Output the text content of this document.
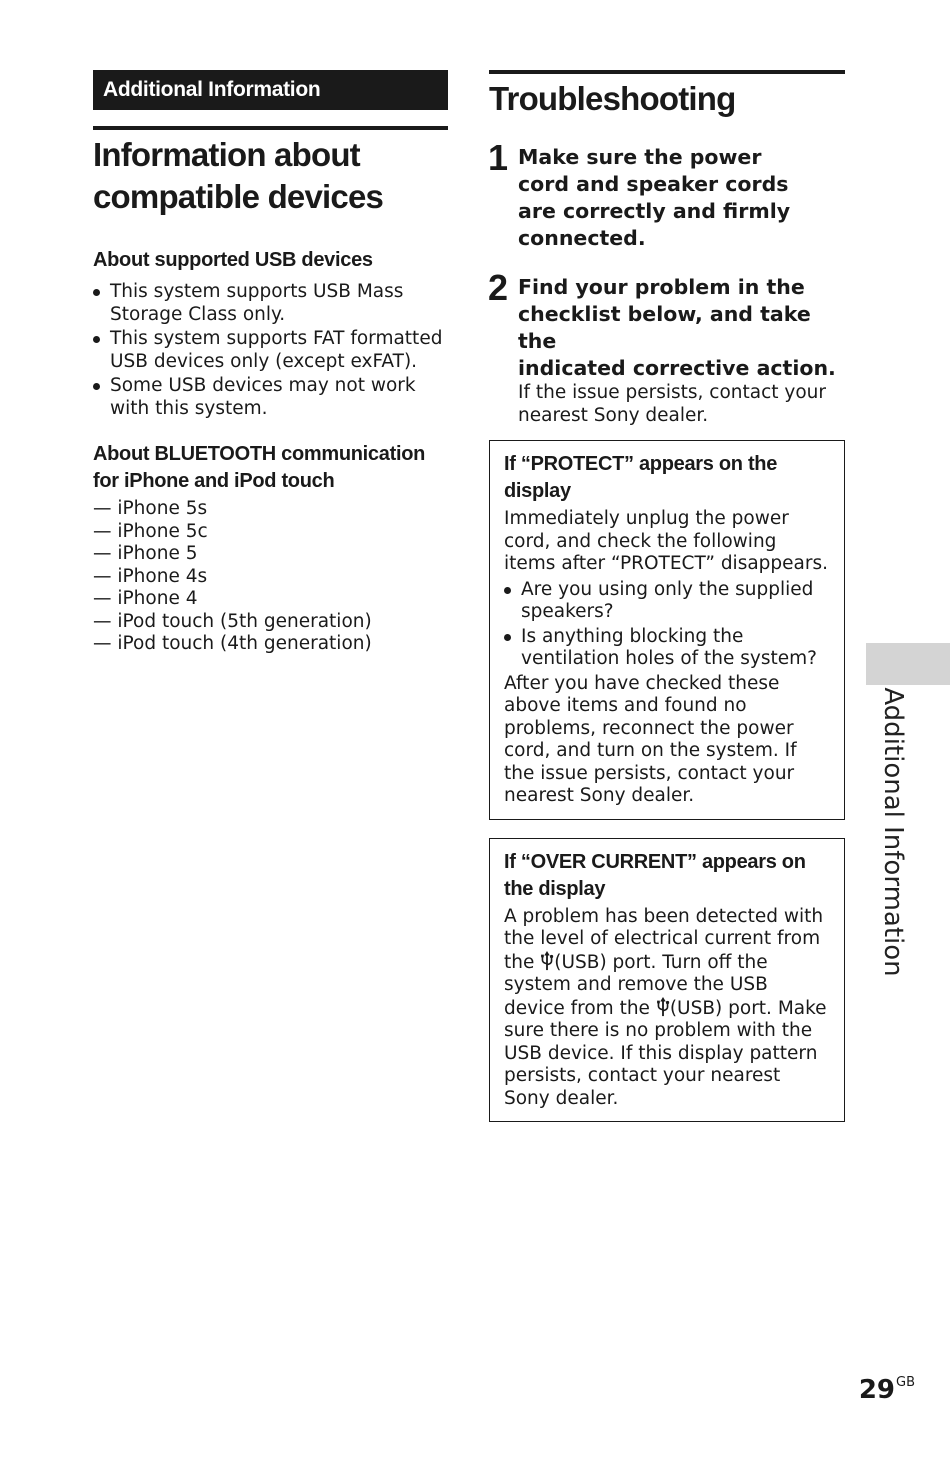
Additional Information
Information about
compatible devices
About supported USB devices
This system supports USB Mass Storage Class only.
This system supports FAT formatted USB devices only (except exFAT).
Some USB devices may not work with this system.
About BLUETOOTH communication
for iPhone and iPod touch
— iPhone 5s
— iPhone 5c
— iPhone 5
— iPhone 4s
— iPhone 4
— iPod touch (5th generation)
— iPod touch (4th generation)
Troubleshooting
1 Make sure the power
cord and speaker cords
are correctly and firmly
connected.
2 Find your problem in the
checklist below, and take the
indicated corrective action.
If the issue persists, contact your nearest Sony dealer.
If “PROTECT” appears on the
display
Immediately unplug the power cord, and check the following items after “PROTECT” disappears.
Are you using only the supplied speakers?
Is anything blocking the ventilation holes of the system?
After you have checked these above items and found no problems, reconnect the power cord, and turn on the system. If the issue persists, contact your nearest Sony dealer.
If “OVER CURRENT” appears on
the display
A problem has been detected with the level of electrical current from the (USB) port. Turn off the system and remove the USB device from the (USB) port. Make sure there is no problem with the USB device. If this display pattern persists, contact your nearest Sony dealer.
Additional Information
$29^{GB}$
